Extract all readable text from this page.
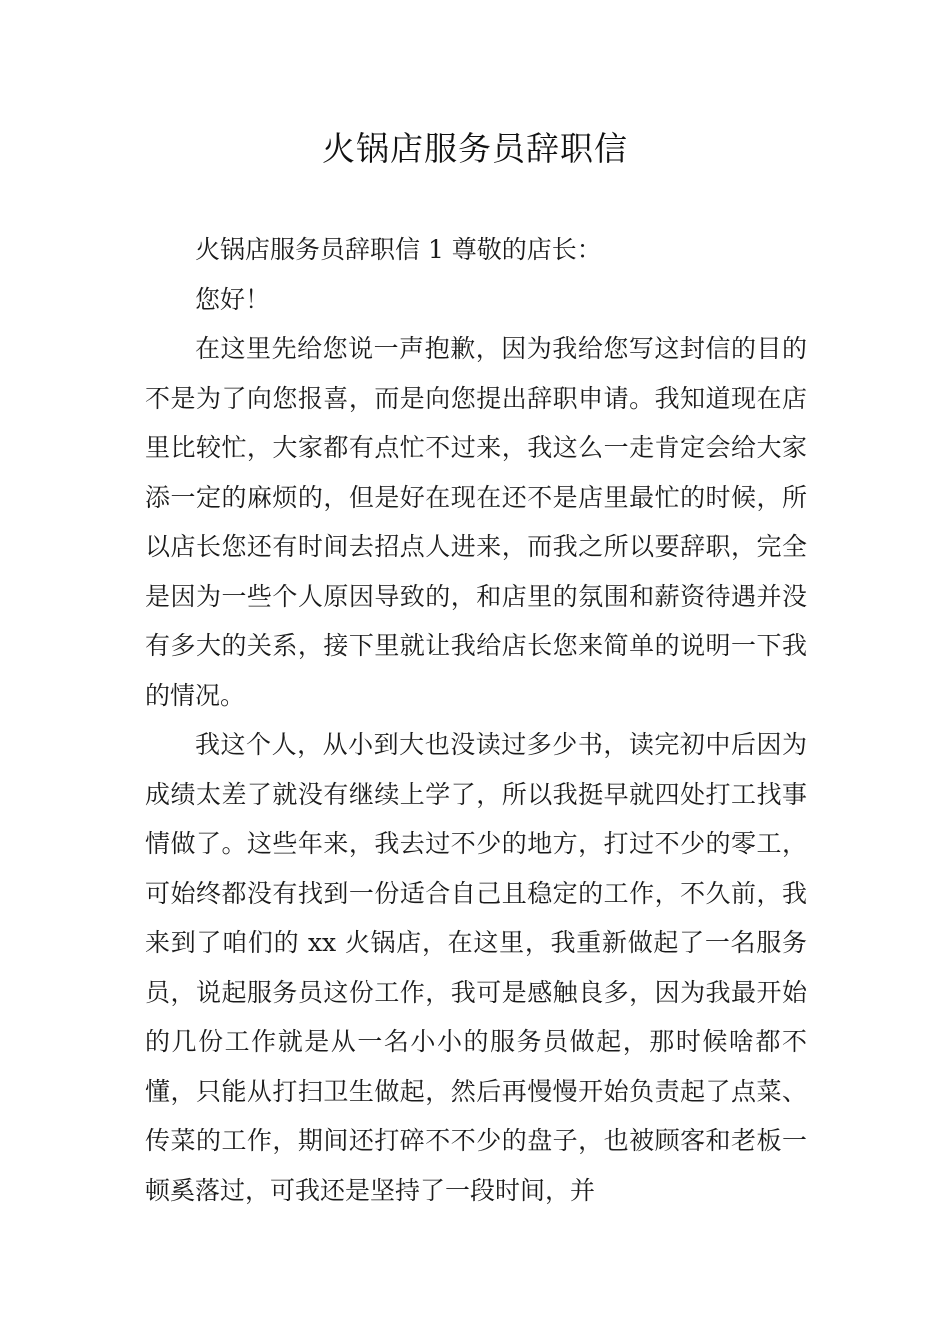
火锅店服务员辞职信

火锅店服务员辞职信 1 尊敬的店长：

您好！

在这里先给您说一声抱歉，因为我给您写这封信的目的不是为了向您报喜，而是向您提出辞职申请。我知道现在店里比较忙，大家都有点忙不过来，我这么一走肯定会给大家添一定的麻烦的，但是好在现在还不是店里最忙的时候，所以店长您还有时间去招点人进来，而我之所以要辞职，完全是因为一些个人原因导致的，和店里的氛围和薪资待遇并没有多大的关系，接下里就让我给店长您来简单的说明一下我的情况。

我这个人，从小到大也没读过多少书，读完初中后因为成绩太差了就没有继续上学了，所以我挺早就四处打工找事情做了。这些年来，我去过不少的地方，打过不少的零工，可始终都没有找到一份适合自己且稳定的工作，不久前，我来到了咱们的 xx 火锅店，在这里，我重新做起了一名服务员，说起服务员这份工作，我可是感触良多，因为我最开始的几份工作就是从一名小小的服务员做起，那时候啥都不懂，只能从打扫卫生做起，然后再慢慢开始负责起了点菜、传菜的工作，期间还打碎不不少的盘子，也被顾客和老板一顿奚落过，可我还是坚持了一段时间，并
